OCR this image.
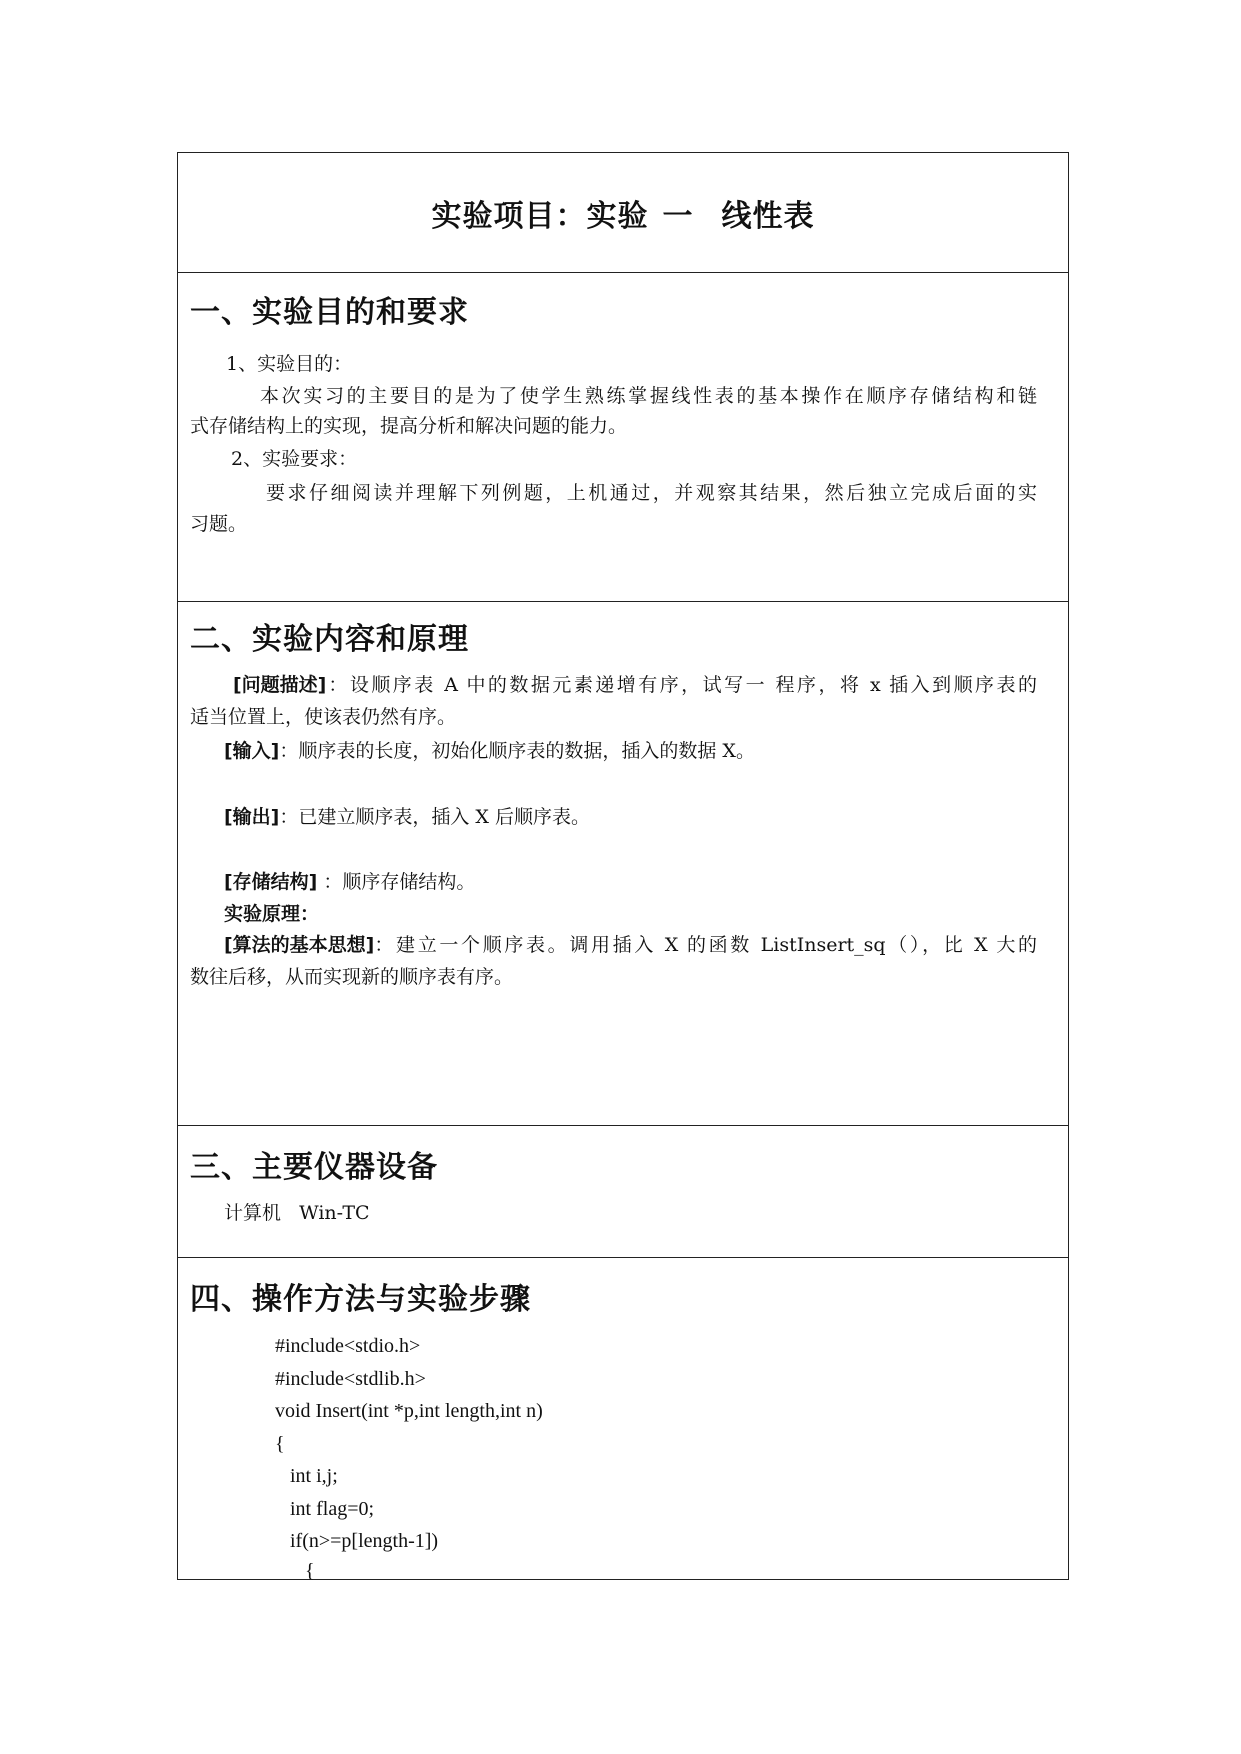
实验项目：实验 一 线性表
一、实验目的和要求
1、实验目的：
本次实习的主要目的是为了使学生熟练掌握线性表的基本操作在顺序存储结构和链
式存储结构上的实现，提高分析和解决问题的能力。
2、实验要求：
要求仔细阅读并理解下列例题，上机通过，并观察其结果，然后独立完成后面的实
习题。
二、实验内容和原理
[问题描述] ：设顺序表 A 中的数据元素递增有序，试写一 程序，将 x 插入到顺序表的
适当位置上，使该表仍然有序。
[输入]：顺序表的长度，初始化顺序表的数据，插入的数据 X。
[输出]：已建立顺序表，插入 X 后顺序表。
[存储结构] ：顺序存储结构。
实验原理：
[算法的基本思想] ：建立一个顺序表。调用插入 X 的函数 ListInsert_sq（），比 X 大的
数往后移，从而实现新的顺序表有序。
三、主要仪器设备
计算机   Win-TC
四、操作方法与实验步骤
#include<stdio.h>
#include<stdlib.h>
void Insert(int *p,int length,int n)
{
int i,j;
int flag=0;
if(n>=p[length-1])
{
